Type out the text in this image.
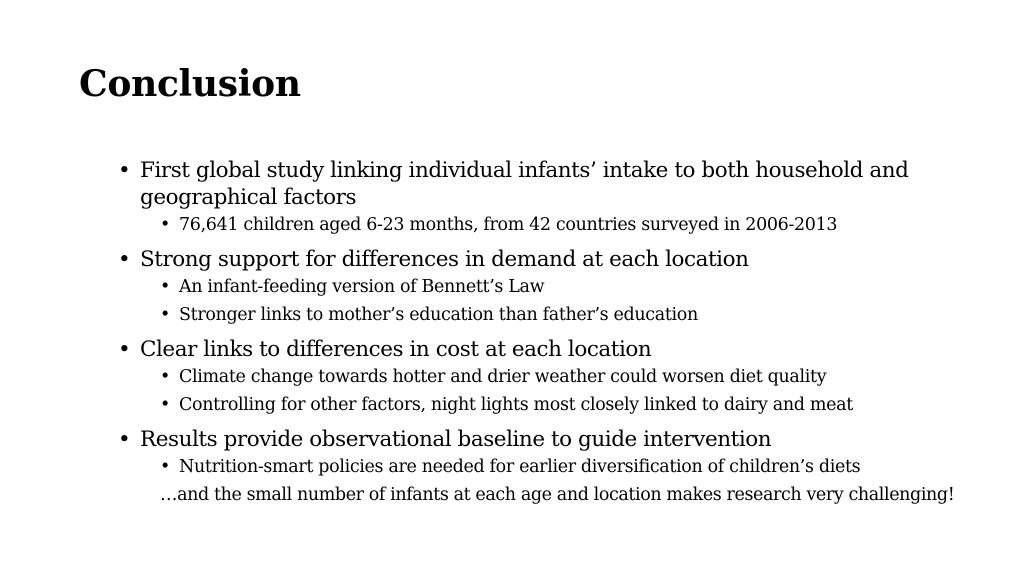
Conclusion
• First global study linking individual infants’ intake to both household and geographical factors
• 76,641 children aged 6-23 months, from 42 countries surveyed in 2006-2013
• Strong support for differences in demand at each location
• An infant-feeding version of Bennett’s Law
• Stronger links to mother’s education than father’s education
• Clear links to differences in cost at each location
• Climate change towards hotter and drier weather could worsen diet quality
• Controlling for other factors, night lights most closely linked to dairy and meat
• Results provide observational baseline to guide intervention
• Nutrition-smart policies are needed for earlier diversification of children’s diets
…and the small number of infants at each age and location makes research very challenging!
